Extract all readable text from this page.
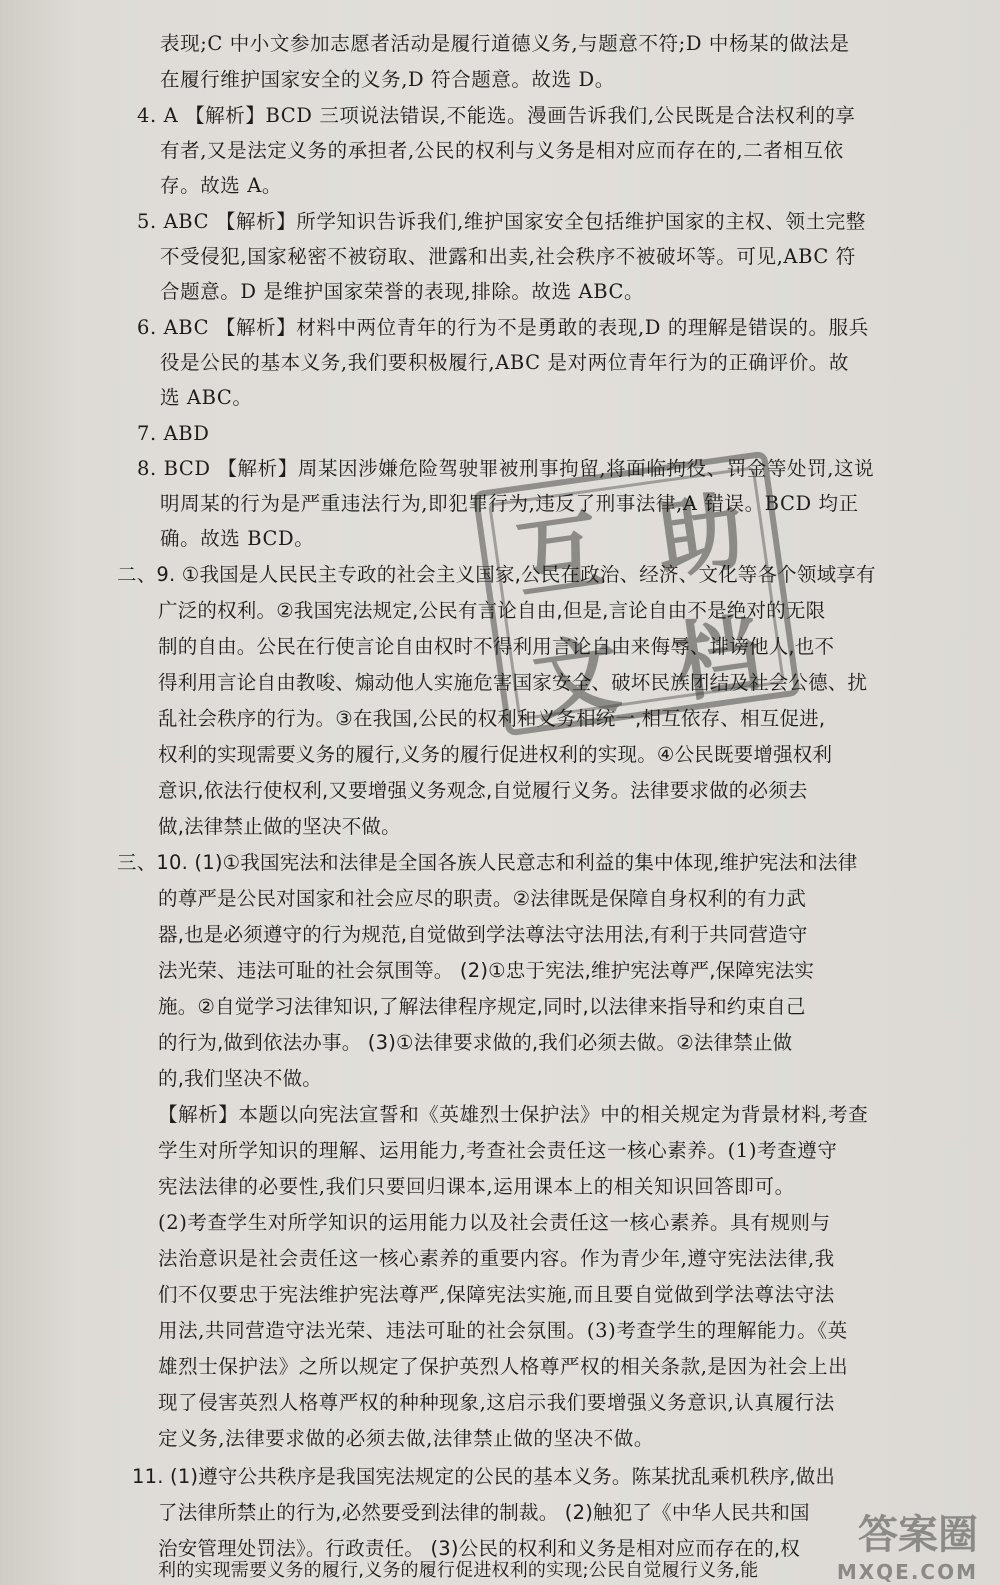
表现;C 中小文参加志愿者活动是履行道德义务,与题意不符;D 中杨某的做法是
在履行维护国家安全的义务,D 符合题意。故选 D。
4. A 【解析】BCD 三项说法错误,不能选。漫画告诉我们,公民既是合法权利的享
有者,又是法定义务的承担者,公民的权利与义务是相对应而存在的,二者相互依
存。故选 A。
5. ABC 【解析】所学知识告诉我们,维护国家安全包括维护国家的主权、领土完整
不受侵犯,国家秘密不被窃取、泄露和出卖,社会秩序不被破坏等。可见,ABC 符
合题意。D 是维护国家荣誉的表现,排除。故选 ABC。
6. ABC 【解析】材料中两位青年的行为不是勇敢的表现,D 的理解是错误的。服兵
役是公民的基本义务,我们要积极履行,ABC 是对两位青年行为的正确评价。故
选 ABC。
7. ABD
8. BCD 【解析】周某因涉嫌危险驾驶罪被刑事拘留,将面临拘役、罚金等处罚,这说
明周某的行为是严重违法行为,即犯罪行为,违反了刑事法律,A 错误。BCD 均正
确。故选 BCD。
二、9. ①我国是人民民主专政的社会主义国家,公民在政治、经济、文化等各个领域享有
广泛的权利。②我国宪法规定,公民有言论自由,但是,言论自由不是绝对的无限
制的自由。公民在行使言论自由权时不得利用言论自由来侮辱、诽谤他人,也不
得利用言论自由教唆、煽动他人实施危害国家安全、破坏民族团结及社会公德、扰
乱社会秩序的行为。③在我国,公民的权利和义务相统一,相互依存、相互促进,
权利的实现需要义务的履行,义务的履行促进权利的实现。④公民既要增强权利
意识,依法行使权利,又要增强义务观念,自觉履行义务。法律要求做的必须去
做,法律禁止做的坚决不做。
三、10. (1)①我国宪法和法律是全国各族人民意志和利益的集中体现,维护宪法和法律
的尊严是公民对国家和社会应尽的职责。②法律既是保障自身权利的有力武
器,也是必须遵守的行为规范,自觉做到学法尊法守法用法,有利于共同营造守
法光荣、违法可耻的社会氛围等。 (2)①忠于宪法,维护宪法尊严,保障宪法实
施。②自觉学习法律知识,了解法律程序规定,同时,以法律来指导和约束自己
的行为,做到依法办事。 (3)①法律要求做的,我们必须去做。②法律禁止做
的,我们坚决不做。
【解析】本题以向宪法宣誓和《英雄烈士保护法》中的相关规定为背景材料,考查
学生对所学知识的理解、运用能力,考查社会责任这一核心素养。(1)考查遵守
宪法法律的必要性,我们只要回归课本,运用课本上的相关知识回答即可。
(2)考查学生对所学知识的运用能力以及社会责任这一核心素养。具有规则与
法治意识是社会责任这一核心素养的重要内容。作为青少年,遵守宪法法律,我
们不仅要忠于宪法维护宪法尊严,保障宪法实施,而且要自觉做到学法尊法守法
用法,共同营造守法光荣、违法可耻的社会氛围。(3)考查学生的理解能力。《英
雄烈士保护法》之所以规定了保护英烈人格尊严权的相关条款,是因为社会上出
现了侵害英烈人格尊严权的种种现象,这启示我们要增强义务意识,认真履行法
定义务,法律要求做的必须去做,法律禁止做的坚决不做。
11. (1)遵守公共秩序是我国宪法规定的公民的基本义务。陈某扰乱乘机秩序,做出
了法律所禁止的行为,必然要受到法律的制裁。 (2)触犯了《中华人民共和国
治安管理处罚法》。行政责任。 (3)公民的权利和义务是相对应而存在的,权
利的实现需要义务的履行,义务的履行促进权利的实现;公民自觉履行义务,能
互 助
文 档
答案圈
MXQE.COM
